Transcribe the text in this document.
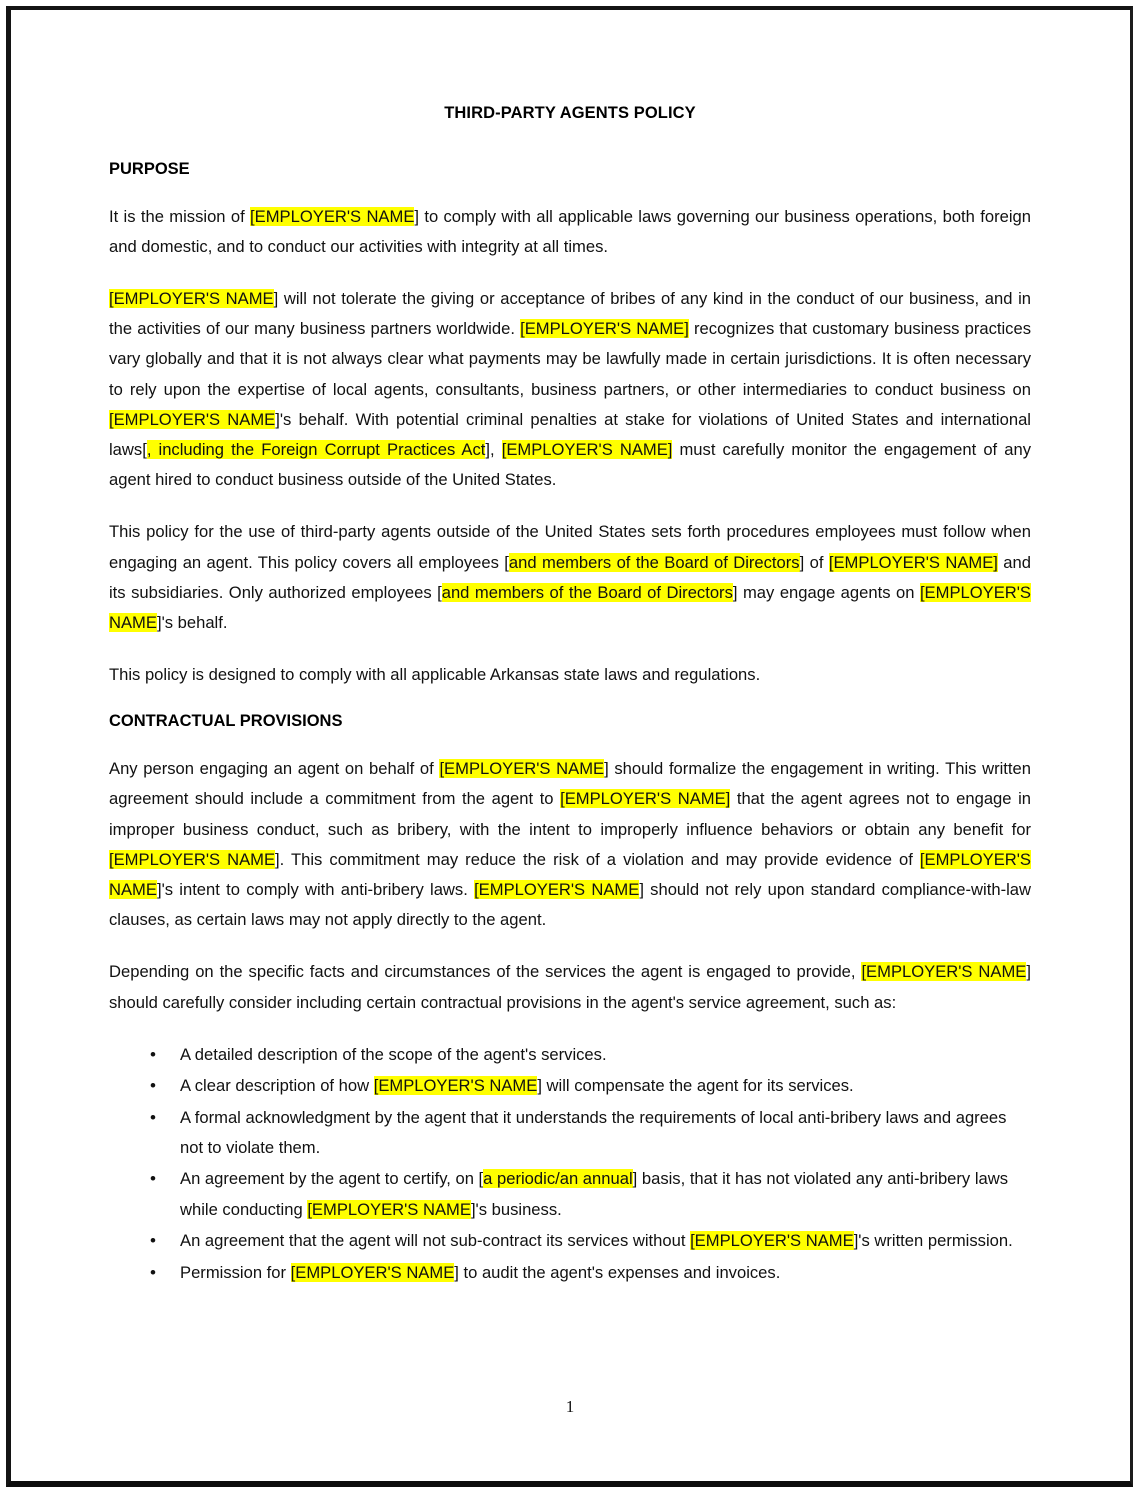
THIRD-PARTY AGENTS POLICY
PURPOSE

It is the mission of [EMPLOYER'S NAME] to comply with all applicable laws governing our business operations, both foreign and domestic, and to conduct our activities with integrity at all times.

[EMPLOYER'S NAME] will not tolerate the giving or acceptance of bribes of any kind in the conduct of our business, and in the activities of our many business partners worldwide. [EMPLOYER'S NAME] recognizes that customary business practices vary globally and that it is not always clear what payments may be lawfully made in certain jurisdictions. It is often necessary to rely upon the expertise of local agents, consultants, business partners, or other intermediaries to conduct business on [EMPLOYER'S NAME]'s behalf. With potential criminal penalties at stake for violations of United States and international laws[, including the Foreign Corrupt Practices Act], [EMPLOYER'S NAME] must carefully monitor the engagement of any agent hired to conduct business outside of the United States.

This policy for the use of third-party agents outside of the United States sets forth procedures employees must follow when engaging an agent. This policy covers all employees [and members of the Board of Directors] of [EMPLOYER'S NAME] and its subsidiaries. Only authorized employees [and members of the Board of Directors] may engage agents on [EMPLOYER'S NAME]'s behalf.

This policy is designed to comply with all applicable Arkansas state laws and regulations.

CONTRACTUAL PROVISIONS

Any person engaging an agent on behalf of [EMPLOYER'S NAME] should formalize the engagement in writing. This written agreement should include a commitment from the agent to [EMPLOYER'S NAME] that the agent agrees not to engage in improper business conduct, such as bribery, with the intent to improperly influence behaviors or obtain any benefit for [EMPLOYER'S NAME]. This commitment may reduce the risk of a violation and may provide evidence of [EMPLOYER'S NAME]'s intent to comply with anti-bribery laws. [EMPLOYER'S NAME] should not rely upon standard compliance-with-law clauses, as certain laws may not apply directly to the agent.

Depending on the specific facts and circumstances of the services the agent is engaged to provide, [EMPLOYER'S NAME] should carefully consider including certain contractual provisions in the agent's service agreement, such as:

• A detailed description of the scope of the agent's services.
• A clear description of how [EMPLOYER'S NAME] will compensate the agent for its services.
• A formal acknowledgment by the agent that it understands the requirements of local anti-bribery laws and agrees not to violate them.
• An agreement by the agent to certify, on [a periodic/an annual] basis, that it has not violated any anti-bribery laws while conducting [EMPLOYER'S NAME]'s business.
• An agreement that the agent will not sub-contract its services without [EMPLOYER'S NAME]'s written permission.
• Permission for [EMPLOYER'S NAME] to audit the agent's expenses and invoices.
1
